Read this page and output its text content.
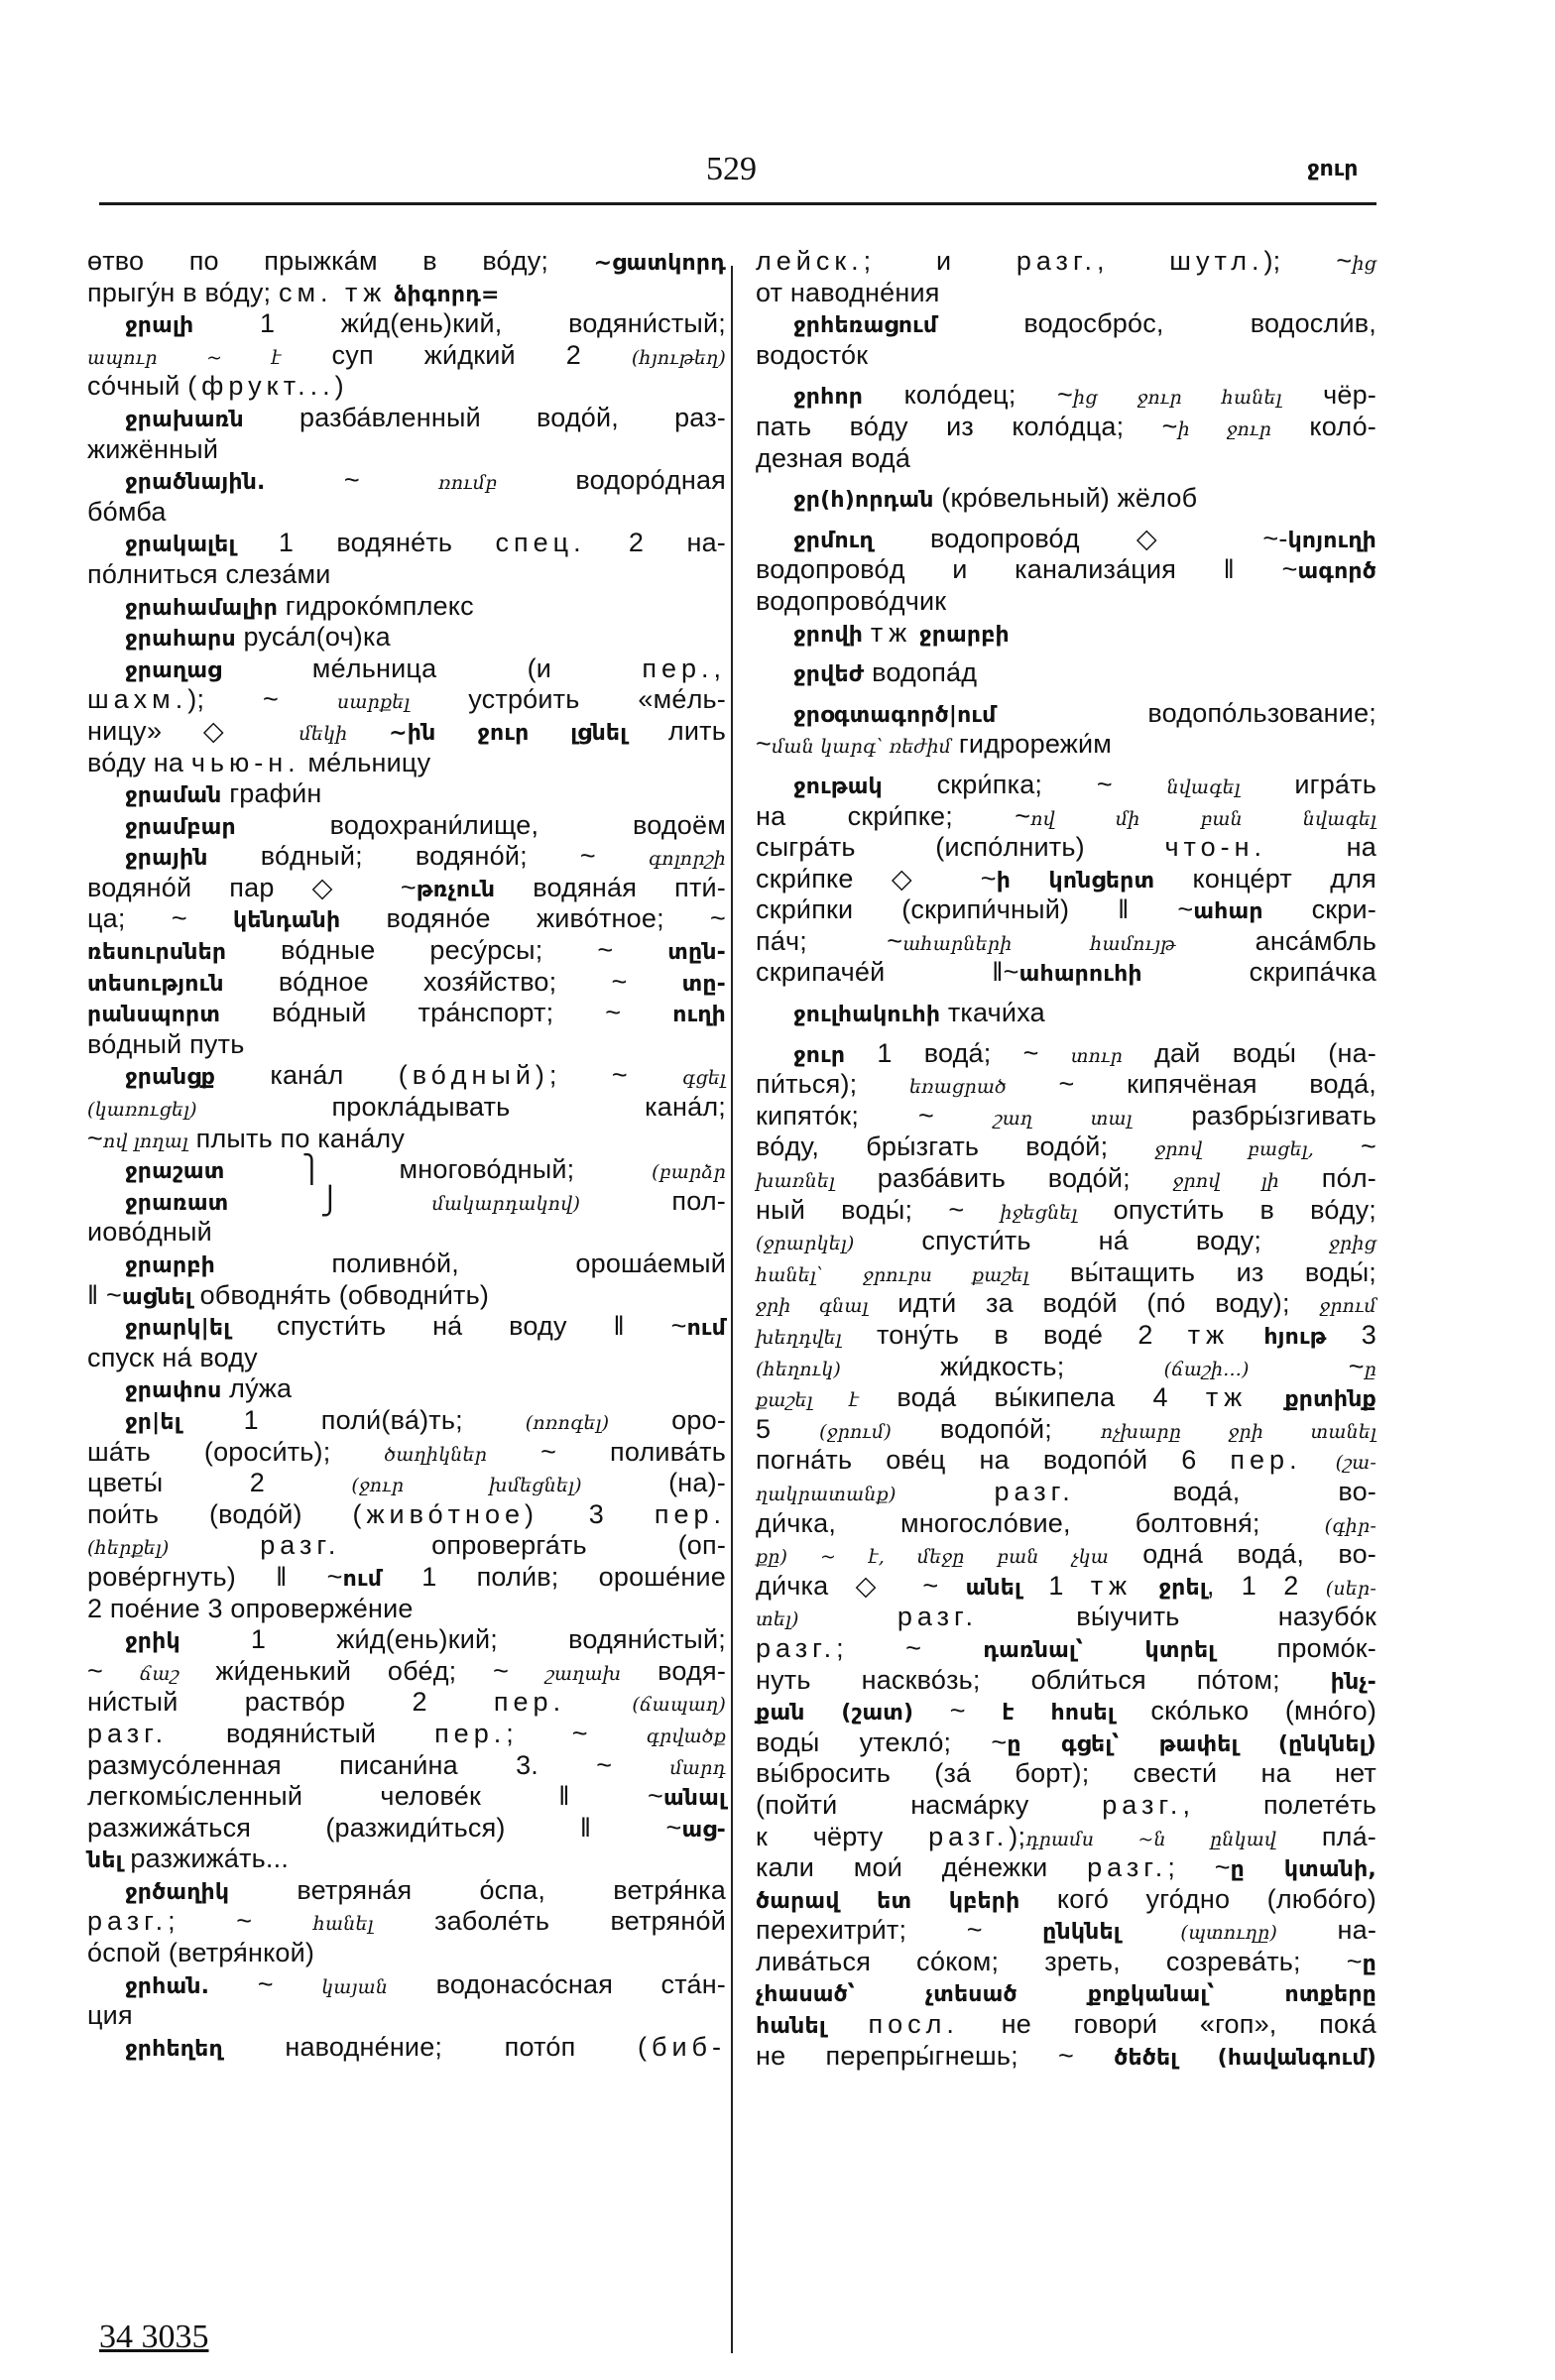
529	ջուր
өтво по прыжка́м в во́ду; ~ցատկորդ
прыгу́н в во́ду; см. тж ձիգորդ=
ջրալի 1 жи́д(ень)кий, водяни́стый;
ապուր ~ է суп жи́дкий 2 (հյութեղ)
со́чный (фрукт...)
ջրախառն разба́вленный водо́й, раз-
жижённый
ջրածնային. ~ ռումբ водоро́дная
бо́мба
ջրակալել 1 водяне́ть спец. 2 на-
по́лниться слеза́ми
ջրահամալիր гидроко́мплекс
ջրահարս руса́л(оч)ка
ջրաղաց ме́льница (и пер.,
шахм.); ~ սարքել устро́ить «ме́ль-
ницу» ◇ մեկի ~ին ջուր լցնել лить
во́ду на чью-н. ме́льницу
ջրաման графи́н
ջրամբար водохрани́лище, водоём
ջրային во́дный; водяно́й; ~ գոլորշի
водяно́й пар ◇ ~թռչուն водяна́я пти́-
ца; ~ կենդանի водяно́е живо́тное; ~
ռեսուրսներ во́дные ресу́рсы; ~ տըն-
տեսություն во́дное хозя́йство; ~ տը-
րանսպորտ во́дный тра́нспорт; ~ ուղի
во́дный путь
ջրանցք кана́л (во́дный); ~ գցել
(կառուցել) прокла́дывать кана́л;
~ով լողալ плыть по кана́лу
ջրաշատ ⎫ многово́дный; (բարձր
ջրառատ ⎭ մակարդակով) пол-
иово́дный
ջրարբի поливно́й, ороша́емый
‖ ~ացնել обводня́ть (обводни́ть)
ջրարկ|ել спусти́ть на́ воду ‖ ~ում
спуск на́ воду
ջրափոս лу́жа
ջր|ել 1 поли́(ва́)ть; (ոռոգել) оро-
ша́ть (ороси́ть); ծաղիկներ ~ полива́ть
цветы́ 2 (ջուր խմեցնել) (на)-
пои́ть (водо́й) (живо́тное) 3 пер.
(հերքել)	разг. опроверга́ть (оп-
рове́ргнуть) ‖ ~ում 1 поли́в; ороше́ние
2 поéние 3 опроверже́ние
ջրիկ 1 жи́д(ень)кий; водяни́стый;
~ ճաշ жи́денький обе́д; ~ շաղախ водя-
ни́стый раство́р 2 пер.	(ճապաղ)
разг. водяни́стый пер.; ~ գրվածք
размусо́ленная писани́на 3. ~ մարդ
легкомы́сленный челове́к ‖ ~անալ
разжижа́ться (разжиди́ться) ‖ ~աց-
նել разжижа́ть...
ջրծաղիկ ветряна́я о́спа, ветря́нка
разг.; ~ հանել заболе́ть ветряно́й
о́спой (ветря́нкой)
ջրհան. ~ կայան водонасо́сная ста́н-
ция
ջրհեղեղ наводне́ние; пото́п (биб-
лейск.; и разг., шутл.); ~ից
от наводне́ния
ջրհեռացում водосбро́с, водосли́в,
водосто́к
ջրհոր коло́дец; ~ից ջուր հանել чёр-
пать во́ду из коло́дца; ~ի ջուր коло́-
дезная вода́
ջր(հ)որդան (кро́вельный) жёлоб
ջրմուղ водопрово́д ◇ ~-կոյուղի
водопрово́д и канализа́ция ‖ ~ագործ
водопрово́дчик
ջրովի тж ջրարբի
ջրվեժ водопа́д
ջրօգտագործ|ում водопо́льзование;
~ման կարգ՝ ռեժիմ гидрорежи́м
ջութակ скри́пка; ~ նվագել игра́ть
на скри́пке; ~ով մի բան նվագել
сыгра́ть (испо́лнить) что-н. на
скри́пке ◇ ~ի կոնցերտ конце́рт для
скри́пки (скрипи́чный) ‖ ~ահար скри-
па́ч; ~ահարների համույթ анса́мбль
скрипаче́й ‖~ահարուհի скрипа́чка
ջուլհակուհի ткачи́ха
ջուր 1 вода́; ~ տուր дай воды́ (на-
пи́ться); եռացրած ~ кипячёная вода́,
кипято́к; ~ շաղ տալ разбры́згивать
во́ду, бры́згать водо́й; ջրով բացել, ~
խառնել разба́вить водо́й; ջրով լի по́л-
ный воды́; ~ իջեցնել опусти́ть в во́ду;
(ջրարկել) спусти́ть на́ воду; ջրից
հանել՝ ջրուրս քաշել вы́тащить из воды́;
ջրի գնալ идти́ за водо́й (по́ воду); ջրում
խեղդվել тону́ть в воде́ 2 тж հյութ 3
(հեղուկ) жи́дкость; (ճաշի...) ~ը
քաշել է вода́ вы́кипела 4 тж քրտինք
5 (ջրում) водопо́й; ոչխարը ջրի տանել
погна́ть ове́ц на водопо́й 6 пер. (շա-
ղակրատանք)	разг. вода́, во-
ди́чка, многосло́вие, болтовня́; (գիր-
քը) ~ է, մեջը բան չկա одна́ вода́, во-
ди́чка ◇ ~ անել 1 тж ջրել, 1 2 (սեր-
տել)	разг. вы́учить назубо́к
разг.; ~ դառնալ՝ կտրել промо́к-
нуть наскво́зь; обли́ться по́том; ինչ-
քան (շատ) ~ է հոսել ско́лько (мно́го)
воды́ утекло́; ~ը գցել՝ թափել (ընկնել)
вы́бросить (за́ борт); свести́ на нет
(пойти́ насма́рку разг., полете́ть
к чёрту разг.);դրամս ~ն ընկավ пла́-
кали мои́ де́нежки разг.; ~ը կտանի,
ծարավ ետ կբերի кого́ уго́дно (любо́го)
перехитри́т; ~ ընկնել	(պտուղը) на-
лива́ться со́ком; зреть, созрева́ть; ~ը
չհասած՝ չտեսած քոքկանալ՝ ոտքերը
հանել посл. не говори́ «гоп», пока́
не перепры́гнешь; ~ ծեծել (հավանգում)
34 3035
